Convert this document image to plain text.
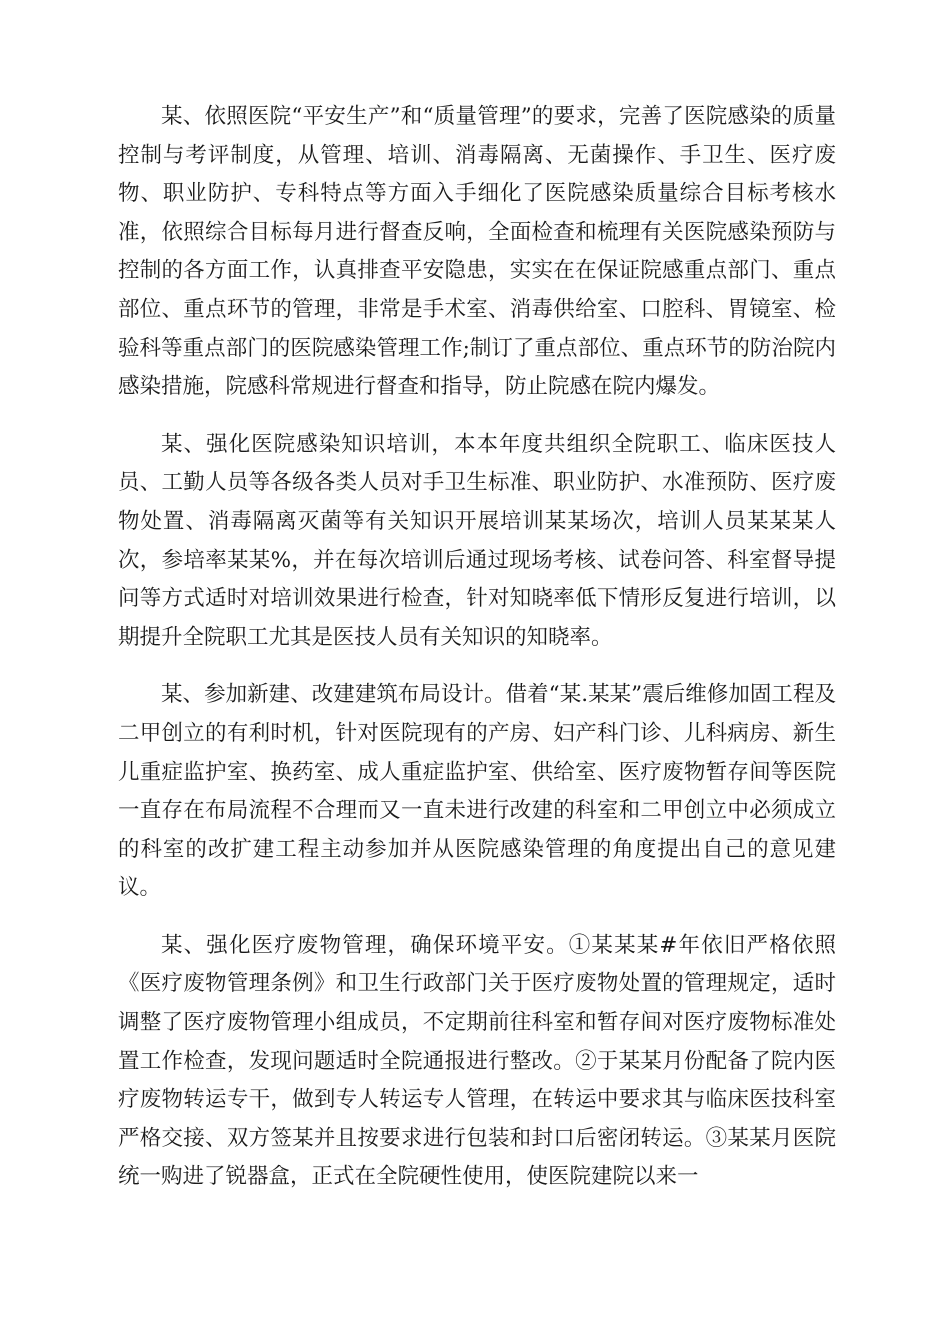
某、依照医院“平安生产”和“质量管理”的要求，完善了医院感染的质量控制与考评制度，从管理、培训、消毒隔离、无菌操作、手卫生、医疗废物、职业防护、专科特点等方面入手细化了医院感染质量综合目标考核水准，依照综合目标每月进行督查反响，全面检查和梳理有关医院感染预防与控制的各方面工作，认真排查平安隐患，实实在在保证院感重点部门、重点部位、重点环节的管理，非常是手术室、消毒供给室、口腔科、胃镜室、检验科等重点部门的医院感染管理工作;制订了重点部位、重点环节的防治院内感染措施，院感科常规进行督查和指导，防止院感在院内爆发。

某、强化医院感染知识培训，本本年度共组织全院职工、临床医技人员、工勤人员等各级各类人员对手卫生标准、职业防护、水准预防、医疗废物处置、消毒隔离灭菌等有关知识开展培训某某场次，培训人员某某某人次，参培率某某%，并在每次培训后通过现场考核、试卷问答、科室督导提问等方式适时对培训效果进行检查，针对知晓率低下情形反复进行培训，以期提升全院职工尤其是医技人员有关知识的知晓率。

某、参加新建、改建建筑布局设计。借着“某.某某”震后维修加固工程及二甲创立的有利时机，针对医院现有的产房、妇产科门诊、儿科病房、新生儿重症监护室、换药室、成人重症监护室、供给室、医疗废物暂存间等医院一直存在布局流程不合理而又一直未进行改建的科室和二甲创立中必须成立的科室的改扩建工程主动参加并从医院感染管理的角度提出自己的意见建议。

某、强化医疗废物管理，确保环境平安。①某某某#年依旧严格依照《医疗废物管理条例》和卫生行政部门关于医疗废物处置的管理规定，适时调整了医疗废物管理小组成员，不定期前往科室和暂存间对医疗废物标准处置工作检查，发现问题适时全院通报进行整改。②于某某月份配备了院内医疗废物转运专干，做到专人转运专人管理，在转运中要求其与临床医技科室严格交接、双方签某并且按要求进行包装和封口后密闭转运。③某某月医院统一购进了锐器盒，正式在全院硬性使用，使医院建院以来一
